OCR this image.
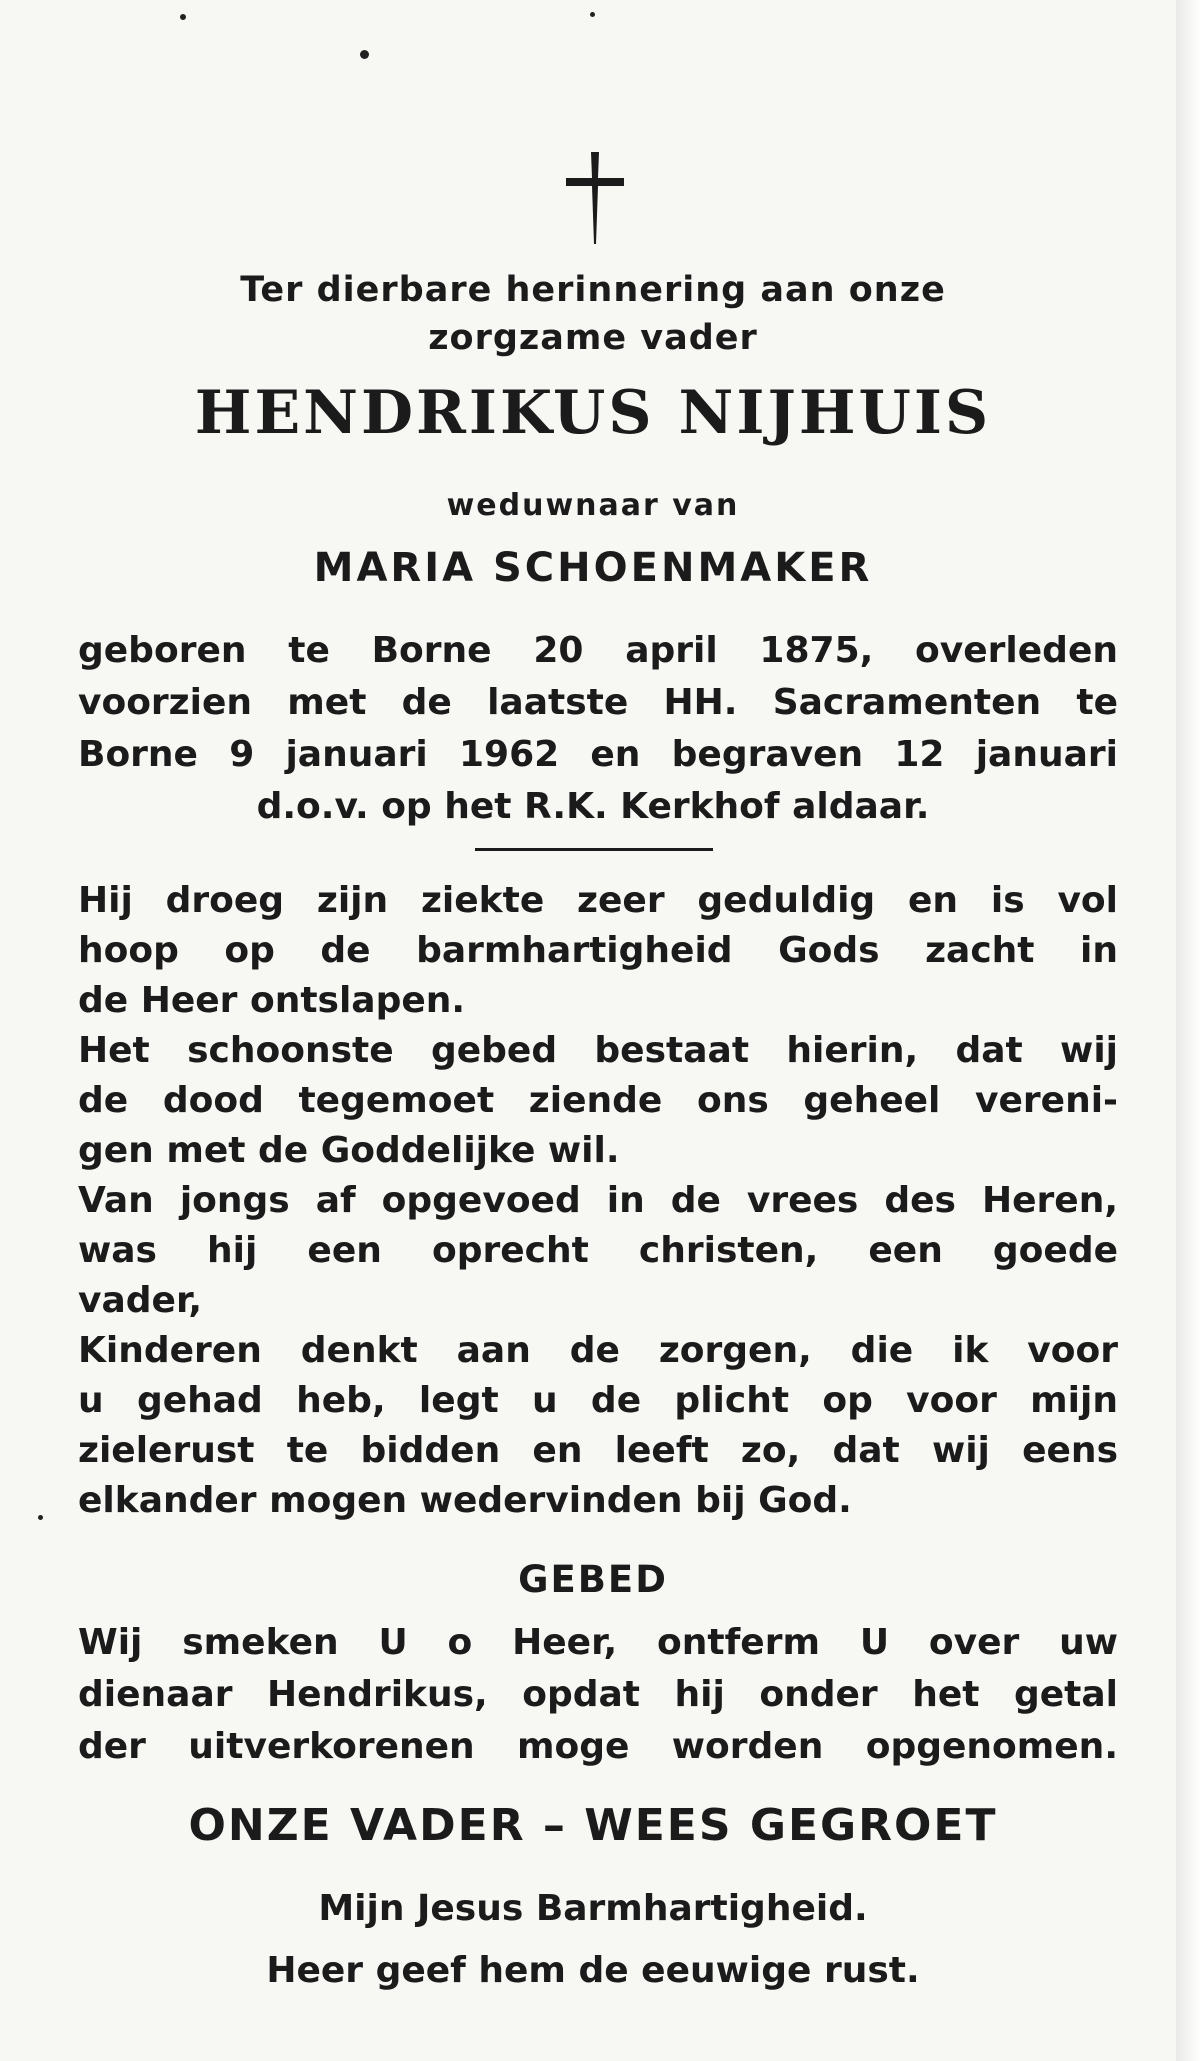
Ter dierbare herinnering aan onze
zorgzame vader
HENDRIKUS NIJHUIS
weduwnaar van
MARIA SCHOENMAKER
geboren te Borne 20 april 1875, overleden
voorzien met de laatste HH. Sacramenten te
Borne 9 januari 1962 en begraven 12 januari
d.o.v. op het R.K. Kerkhof aldaar.
Hij droeg zijn ziekte zeer geduldig en is vol
hoop op de barmhartigheid Gods zacht in
de Heer ontslapen.
Het schoonste gebed bestaat hierin, dat wij
de dood tegemoet ziende ons geheel vereni-
gen met de Goddelijke wil.
Van jongs af opgevoed in de vrees des Heren,
was hij een oprecht christen, een goede
vader,
Kinderen denkt aan de zorgen, die ik voor
u gehad heb, legt u de plicht op voor mijn
zielerust te bidden en leeft zo, dat wij eens
elkander mogen wedervinden bij God.
GEBED
Wij smeken U o Heer, ontferm U over uw
dienaar Hendrikus, opdat hij onder het getal
der uitverkorenen moge worden opgenomen.
ONZE VADER – WEES GEGROET
Mijn Jesus Barmhartigheid.
Heer geef hem de eeuwige rust.
